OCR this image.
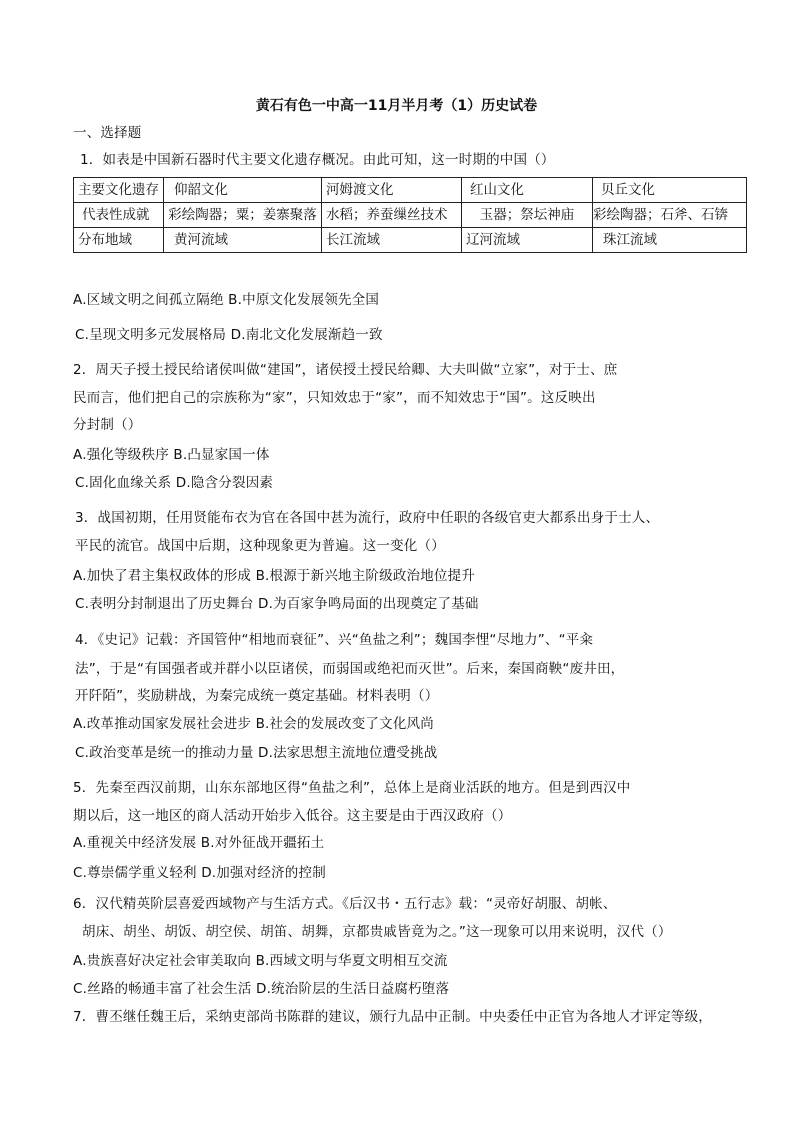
黄石有色一中高一11月半月考（1）历史试卷
一、选择题
1．如表是中国新石器时代主要文化遗存概况。由此可知，这一时期的中国（）
主要文化遗存	仰韶文化	河姆渡文化	红山文化	贝丘文化
代表性成就	彩绘陶器；粟；姜寨聚落	水稻；养蚕缫丝技术	玉器；祭坛神庙	彩绘陶器；石斧、石锛
分布地域	黄河流域	长江流域	辽河流域	珠江流域
A.区域文明之间孤立隔绝 B.中原文化发展领先全国
C.呈现文明多元发展格局 D.南北文化发展渐趋一致
2．周天子授土授民给诸侯叫做“建国”，诸侯授土授民给卿、大夫叫做“立家”，对于士、庶
民而言，他们把自己的宗族称为“家”，只知效忠于“家”，而不知效忠于“国”。这反映出
分封制（）
A.强化等级秩序 B.凸显家国一体
C.固化血缘关系 D.隐含分裂因素
3．战国初期，任用贤能布衣为官在各国中甚为流行，政府中任职的各级官吏大都系出身于士人、
平民的流官。战国中后期，这种现象更为普遍。这一变化（）
A.加快了君主集权政体的形成 B.根源于新兴地主阶级政治地位提升
C.表明分封制退出了历史舞台 D.为百家争鸣局面的出现奠定了基础
4．《史记》记载：齐国管仲“相地而衰征”、兴“鱼盐之利”；魏国李悝“尽地力”、“平籴
法”，于是“有国强者或并群小以臣诸侯，而弱国或绝祀而灭世”。后来，秦国商鞅“废井田，
开阡陌”，奖励耕战，为秦完成统一奠定基础。材料表明（）
A.改革推动国家发展社会进步 B.社会的发展改变了文化风尚
C.政治变革是统一的推动力量 D.法家思想主流地位遭受挑战
5．先秦至西汉前期，山东东部地区得“鱼盐之利”，总体上是商业活跃的地方。但是到西汉中
期以后，这一地区的商人活动开始步入低谷。这主要是由于西汉政府（）
A.重视关中经济发展 B.对外征战开疆拓土
C.尊崇儒学重义轻利 D.加强对经济的控制
6．汉代精英阶层喜爱西域物产与生活方式。《后汉书・五行志》载：“灵帝好胡服、胡帐、
胡床、胡坐、胡饭、胡空侯、胡笛、胡舞，京都贵戚皆竟为之。”这一现象可以用来说明，汉代（）
A.贵族喜好决定社会审美取向 B.西域文明与华夏文明相互交流
C.丝路的畅通丰富了社会生活 D.统治阶层的生活日益腐朽堕落
7．曹丕继任魏王后，采纳吏部尚书陈群的建议，颁行九品中正制。中央委任中正官为各地人才评定等级，
